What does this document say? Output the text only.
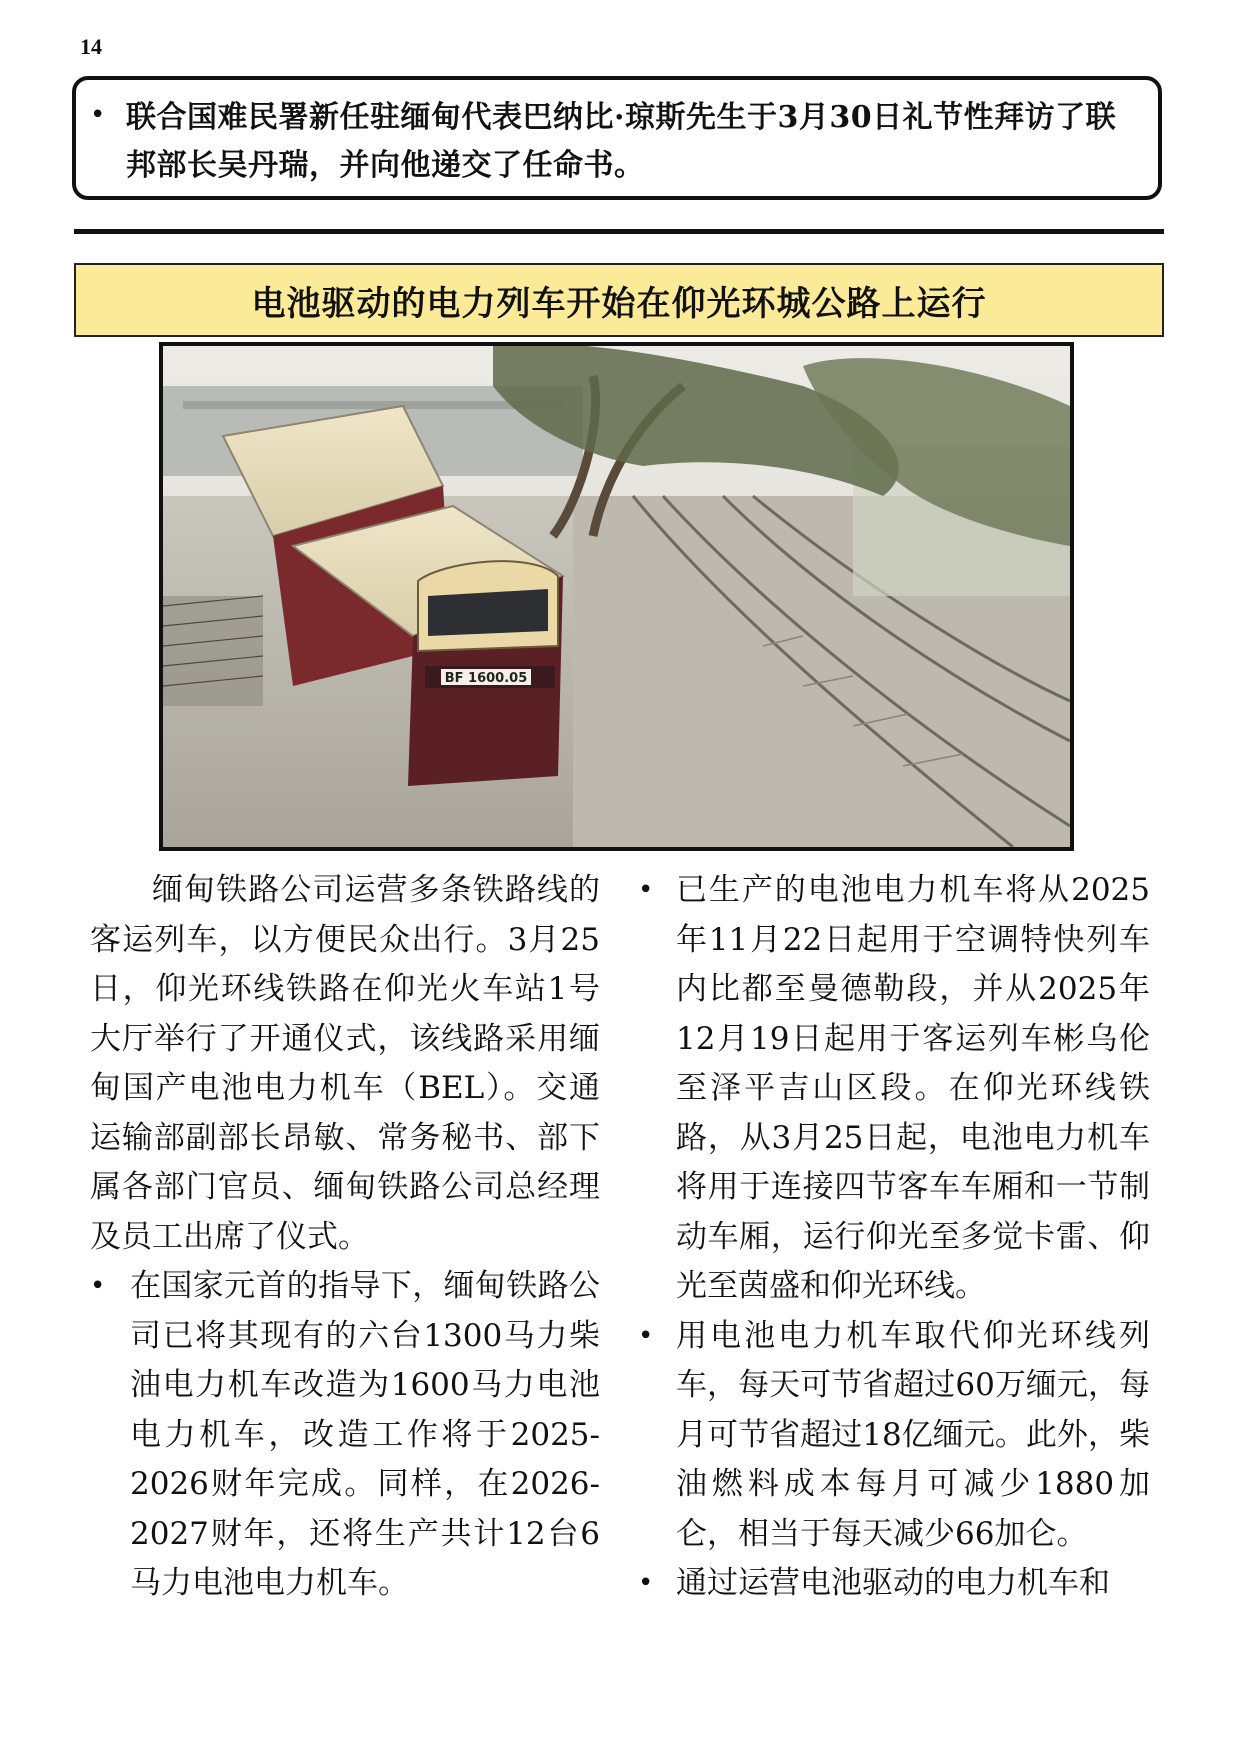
14
• 联合国难民署新任驻缅甸代表巴纳比·琼斯先生于3月30日礼节性拜访了联邦部长吴丹瑞，并向他递交了任命书。
电池驱动的电力列车开始在仰光环城公路上运行
BF 1600.05

缅甸铁路公司运营多条铁路线的客运列车，以方便民众出行。3月25日，仰光环线铁路在仰光火车站1号大厅举行了开通仪式，该线路采用缅甸国产电池电力机车（BEL）。交通运输部副部长昂敏、常务秘书、部下属各部门官员、缅甸铁路公司总经理及员工出席了仪式。

• 在国家元首的指导下，缅甸铁路公司已将其现有的六台1300马力柴油电力机车改造为1600马力电池电力机车，改造工作将于2025-2026财年完成。同样，在2026-2027财年，还将生产共计12台6马力电池电力机车。
• 已生产的电池电力机车将从2025年11月22日起用于空调特快列车内比都至曼德勒段，并从2025年12月19日起用于客运列车彬乌伦至泽平吉山区段。在仰光环线铁路，从3月25日起，电池电力机车将用于连接四节客车车厢和一节制动车厢，运行仰光至多觉卡雷、仰光至茵盛和仰光环线。
• 用电池电力机车取代仰光环线列车，每天可节省超过60万缅元，每月可节省超过18亿缅元。此外，柴油燃料成本每月可减少1880加仑，相当于每天减少66加仑。
• 通过运营电池驱动的电力机车和
